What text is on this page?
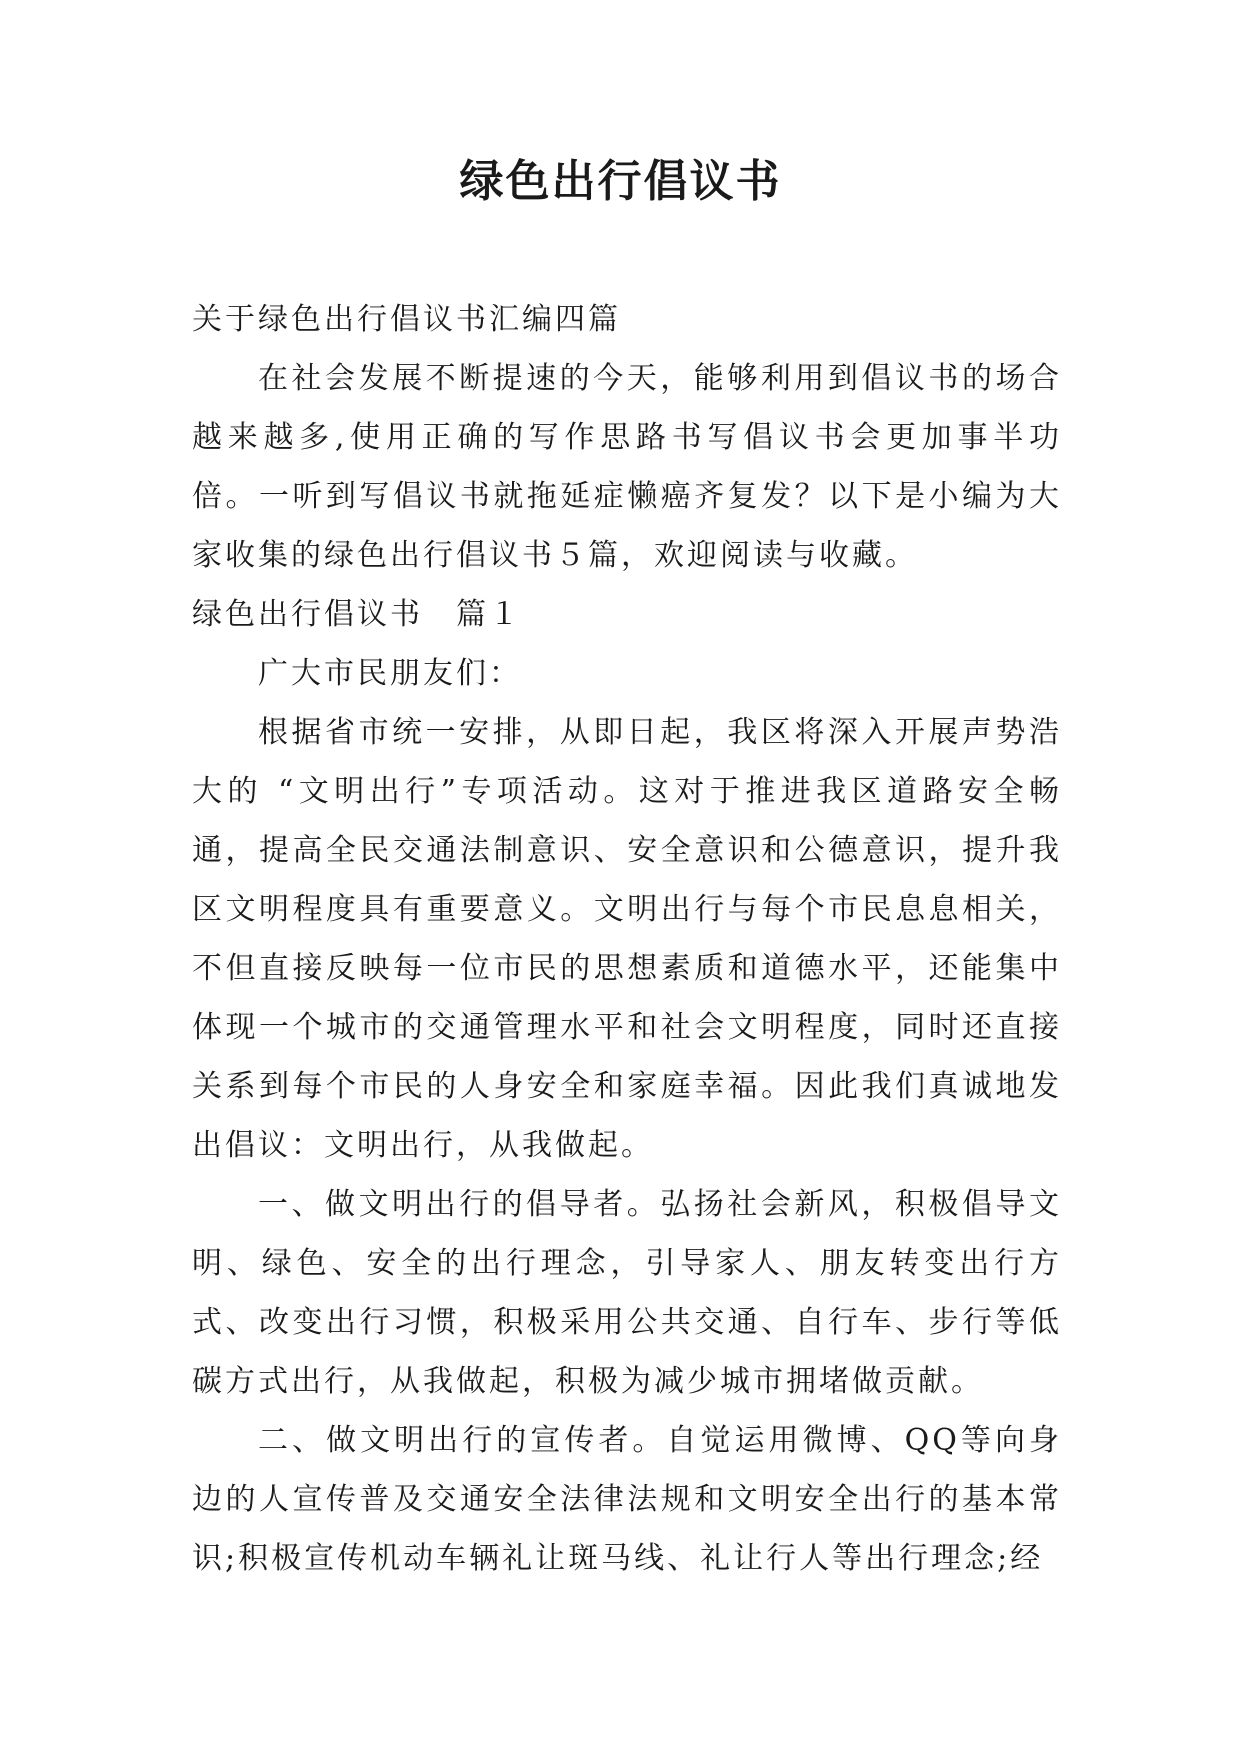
绿色出行倡议书

关于绿色出行倡议书汇编四篇

在社会发展不断提速的今天，能够利用到倡议书的场合越来越多,使用正确的写作思路书写倡议书会更加事半功倍。一听到写倡议书就拖延症懒癌齐复发？以下是小编为大家收集的绿色出行倡议书５篇，欢迎阅读与收藏。

绿色出行倡议书　篇１

广大市民朋友们：

根据省市统一安排，从即日起，我区将深入开展声势浩大的 “文明出行”专项活动。这对于推进我区道路安全畅通，提高全民交通法制意识、安全意识和公德意识，提升我区文明程度具有重要意义。文明出行与每个市民息息相关，不但直接反映每一位市民的思想素质和道德水平，还能集中体现一个城市的交通管理水平和社会文明程度，同时还直接关系到每个市民的人身安全和家庭幸福。因此我们真诚地发出倡议：文明出行，从我做起。

一、做文明出行的倡导者。弘扬社会新风，积极倡导文明、绿色、安全的出行理念，引导家人、朋友转变出行方式、改变出行习惯，积极采用公共交通、自行车、步行等低碳方式出行，从我做起，积极为减少城市拥堵做贡献。

二、做文明出行的宣传者。自觉运用微博、QQ等向身边的人宣传普及交通安全法律法规和文明安全出行的基本常识;积极宣传机动车辆礼让斑马线、礼让行人等出行理念;经
